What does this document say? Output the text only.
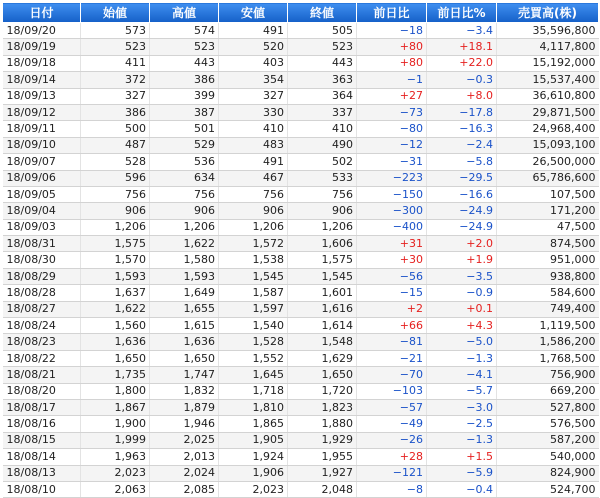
日付	始値	高値	安値	終値	前日比	前日比%	売買高(株)
18/09/20	573	574	491	505	−18	−3.4	35,596,800
18/09/19	523	523	520	523	+80	+18.1	4,117,800
18/09/18	411	443	403	443	+80	+22.0	15,192,000
18/09/14	372	386	354	363	−1	−0.3	15,537,400
18/09/13	327	399	327	364	+27	+8.0	36,610,800
18/09/12	386	387	330	337	−73	−17.8	29,871,500
18/09/11	500	501	410	410	−80	−16.3	24,968,400
18/09/10	487	529	483	490	−12	−2.4	15,093,100
18/09/07	528	536	491	502	−31	−5.8	26,500,000
18/09/06	596	634	467	533	−223	−29.5	65,786,600
18/09/05	756	756	756	756	−150	−16.6	107,500
18/09/04	906	906	906	906	−300	−24.9	171,200
18/09/03	1,206	1,206	1,206	1,206	−400	−24.9	47,500
18/08/31	1,575	1,622	1,572	1,606	+31	+2.0	874,500
18/08/30	1,570	1,580	1,538	1,575	+30	+1.9	951,000
18/08/29	1,593	1,593	1,545	1,545	−56	−3.5	938,800
18/08/28	1,637	1,649	1,587	1,601	−15	−0.9	584,600
18/08/27	1,622	1,655	1,597	1,616	+2	+0.1	749,400
18/08/24	1,560	1,615	1,540	1,614	+66	+4.3	1,119,500
18/08/23	1,636	1,636	1,528	1,548	−81	−5.0	1,586,200
18/08/22	1,650	1,650	1,552	1,629	−21	−1.3	1,768,500
18/08/21	1,735	1,747	1,645	1,650	−70	−4.1	756,900
18/08/20	1,800	1,832	1,718	1,720	−103	−5.7	669,200
18/08/17	1,867	1,879	1,810	1,823	−57	−3.0	527,800
18/08/16	1,900	1,946	1,865	1,880	−49	−2.5	576,500
18/08/15	1,999	2,025	1,905	1,929	−26	−1.3	587,200
18/08/14	1,963	2,013	1,924	1,955	+28	+1.5	540,000
18/08/13	2,023	2,024	1,906	1,927	−121	−5.9	824,900
18/08/10	2,063	2,085	2,023	2,048	−8	−0.4	524,700
